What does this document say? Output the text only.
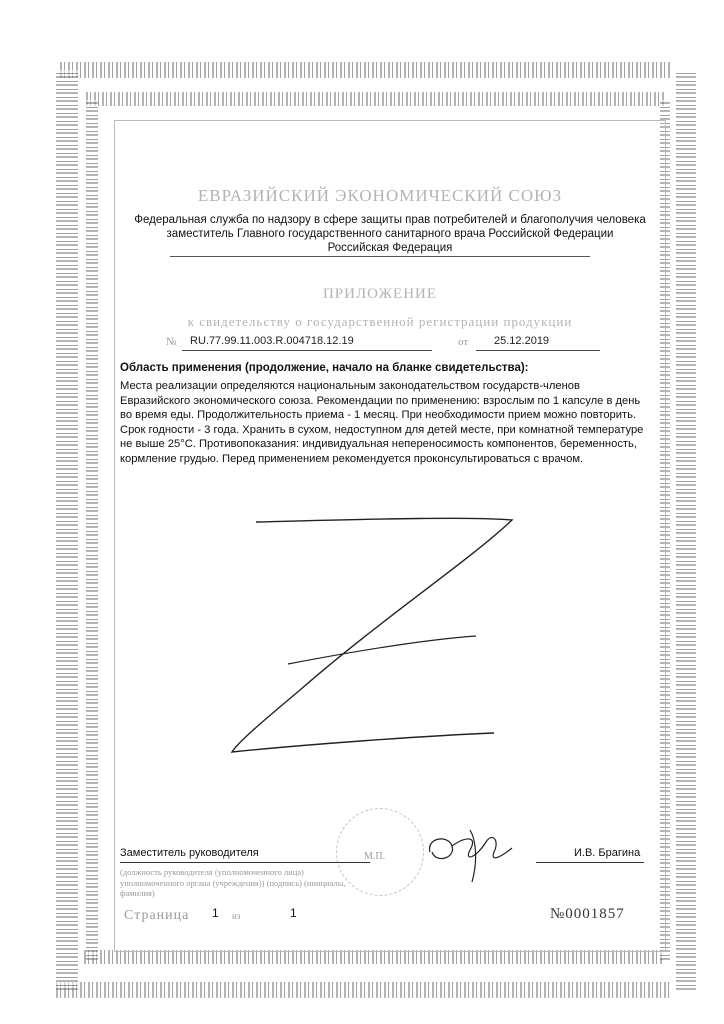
ЕВРАЗИЙСКИЙ ЭКОНОМИЧЕСКИЙ СОЮЗ
Федеральная служба по надзору в сфере защиты прав потребителей и благополучия человека
заместитель Главного государственного санитарного врача Российской Федерации
Российская Федерация
ПРИЛОЖЕНИЕ
к свидетельству о государственной регистрации продукции
№ RU.77.99.11.003.R.004718.12.19	от 25.12.2019
Область применения (продолжение, начало на бланке свидетельства):
Места реализации определяются национальным законодательством государств-членов Евразийского экономического союза. Рекомендации по применению: взрослым по 1 капсуле в день во время еды. Продолжительность приема - 1 месяц. При необходимости прием можно повторить. Срок годности - 3 года. Хранить в сухом, недоступном для детей месте, при комнатной температуре не выше 25°С. Противопоказания: индивидуальная непереносимость компонентов, беременность, кормление грудью. Перед применением рекомендуется проконсультироваться с врачом.
М.П.
Заместитель руководителя	И.В. Брагина
(должность руководителя (уполномоченного лица) уполномоченного органа (учреждения)) (подпись) (инициалы, фамилия)
Страница 1 из	1	№0001857
